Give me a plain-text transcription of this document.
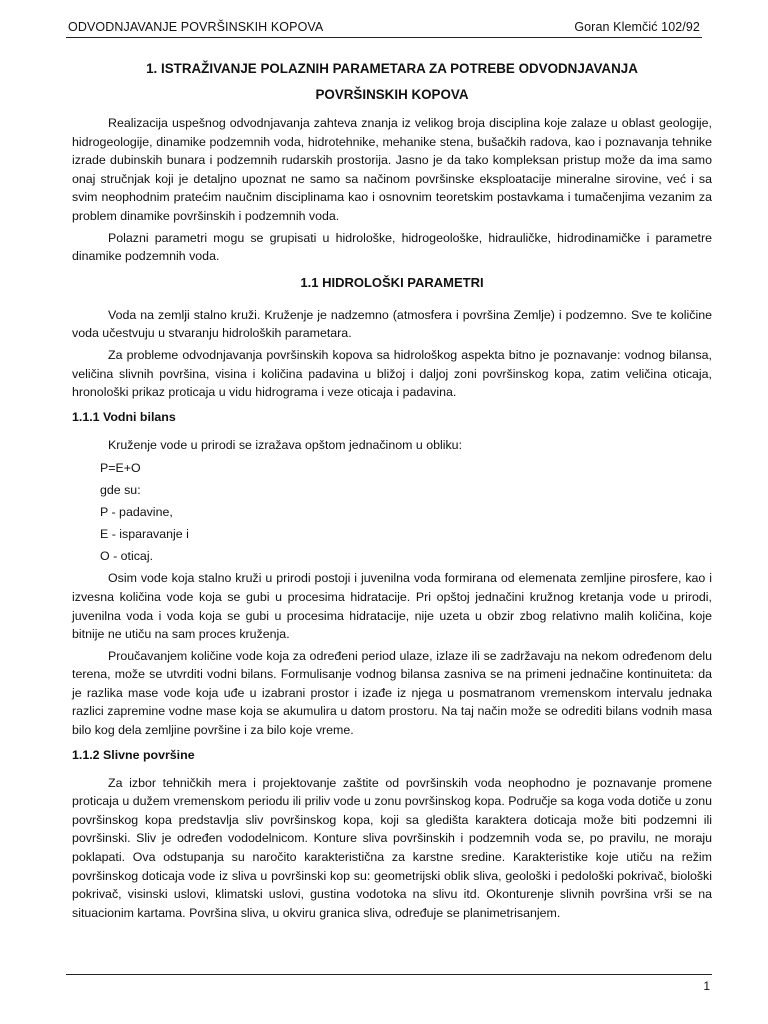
ODVODNJAVANJE POVRŠINSKIH KOPOVA	Goran Klemčić 102/92
1. ISTRAŽIVANJE POLAZNIH PARAMETARA ZA POTREBE ODVODNJAVANJA
POVRŠINSKIH KOPOVA

Realizacija uspešnog odvodnjavanja zahteva znanja iz velikog broja disciplina koje zalaze u oblast geologije, hidrogeologije, dinamike podzemnih voda, hidrotehnike, mehanike stena, bušačkih radova, kao i poznavanja tehnike izrade dubinskih bunara i podzemnih rudarskih prostorija. Jasno je da tako kompleksan pristup može da ima samo onaj stručnjak koji je detaljno upoznat ne samo sa načinom površinske eksploatacije mineralne sirovine, već i sa svim neophodnim pratećim naučnim disciplinama kao i osnovnim teoretskim postavkama i tumačenjima vezanim za problem dinamike površinskih i podzemnih voda.

Polazni parametri mogu se grupisati u hidrološke, hidrogeološke, hidrauličke, hidrodinamičke i parametre dinamike podzemnih voda.

1.1 HIDROLOŠKI PARAMETRI

Voda na zemlji stalno kruži. Kruženje je nadzemno (atmosfera i površina Zemlje) i podzemno. Sve te količine voda učestvuju u stvaranju hidroloških parametara.

Za probleme odvodnjavanja površinskih kopova sa hidrološkog aspekta bitno je poznavanje: vodnog bilansa, veličina slivnih površina, visina i količina padavina u bližoj i daljoj zoni površinskog kopa, zatim veličina oticaja, hronološki prikaz proticaja u vidu hidrograma i veze oticaja i padavina.

1.1.1 Vodni bilans

Kruženje vode u prirodi se izražava opštom jednačinom u obliku:

P=E+O
gde su:
P - padavine,
E - isparavanje i
O - oticaj.

Osim vode koja stalno kruži u prirodi postoji i juvenilna voda formirana od elemenata zemljine pirosfere, kao i izvesna količina vode koja se gubi u procesima hidratacije. Pri opštoj jednačini kružnog kretanja vode u prirodi, juvenilna voda i voda koja se gubi u procesima hidratacije, nije uzeta u obzir zbog relativno malih količina, koje bitnije ne utiču na sam proces kruženja.

Proučavanjem količine vode koja za određeni period ulaze, izlaze ili se zadržavaju na nekom određenom delu terena, može se utvrditi vodni bilans. Formulisanje vodnog bilansa zasniva se na primeni jednačine kontinuiteta: da je razlika mase vode koja uđe u izabrani prostor i izađe iz njega u posmatranom vremenskom intervalu jednaka razlici zapremine vodne mase koja se akumulira u datom prostoru. Na taj način može se odrediti bilans vodnih masa bilo kog dela zemljine površine i za bilo koje vreme.

1.1.2 Slivne površine

Za izbor tehničkih mera i projektovanje zaštite od površinskih voda neophodno je poznavanje promene proticaja u dužem vremenskom periodu ili priliv vode u zonu površinskog kopa. Područje sa koga voda dotiče u zonu površinskog kopa predstavlja sliv površinskog kopa, koji sa gledišta karaktera doticaja može biti podzemni ili površinski. Sliv je određen vododelnicom. Konture sliva površinskih i podzemnih voda se, po pravilu, ne moraju poklapati. Ova odstupanja su naročito karakteristična za karstne sredine. Karakteristike koje utiču na režim površinskog doticaja vode iz sliva u površinski kop su: geometrijski oblik sliva, geološki i pedološki pokrivač, biološki pokrivač, visinski uslovi, klimatski uslovi, gustina vodotoka na slivu itd. Okonturenje slivnih površina vrši se na situacionim kartama. Površina sliva, u okviru granica sliva, određuje se planimetrisanjem.

1
